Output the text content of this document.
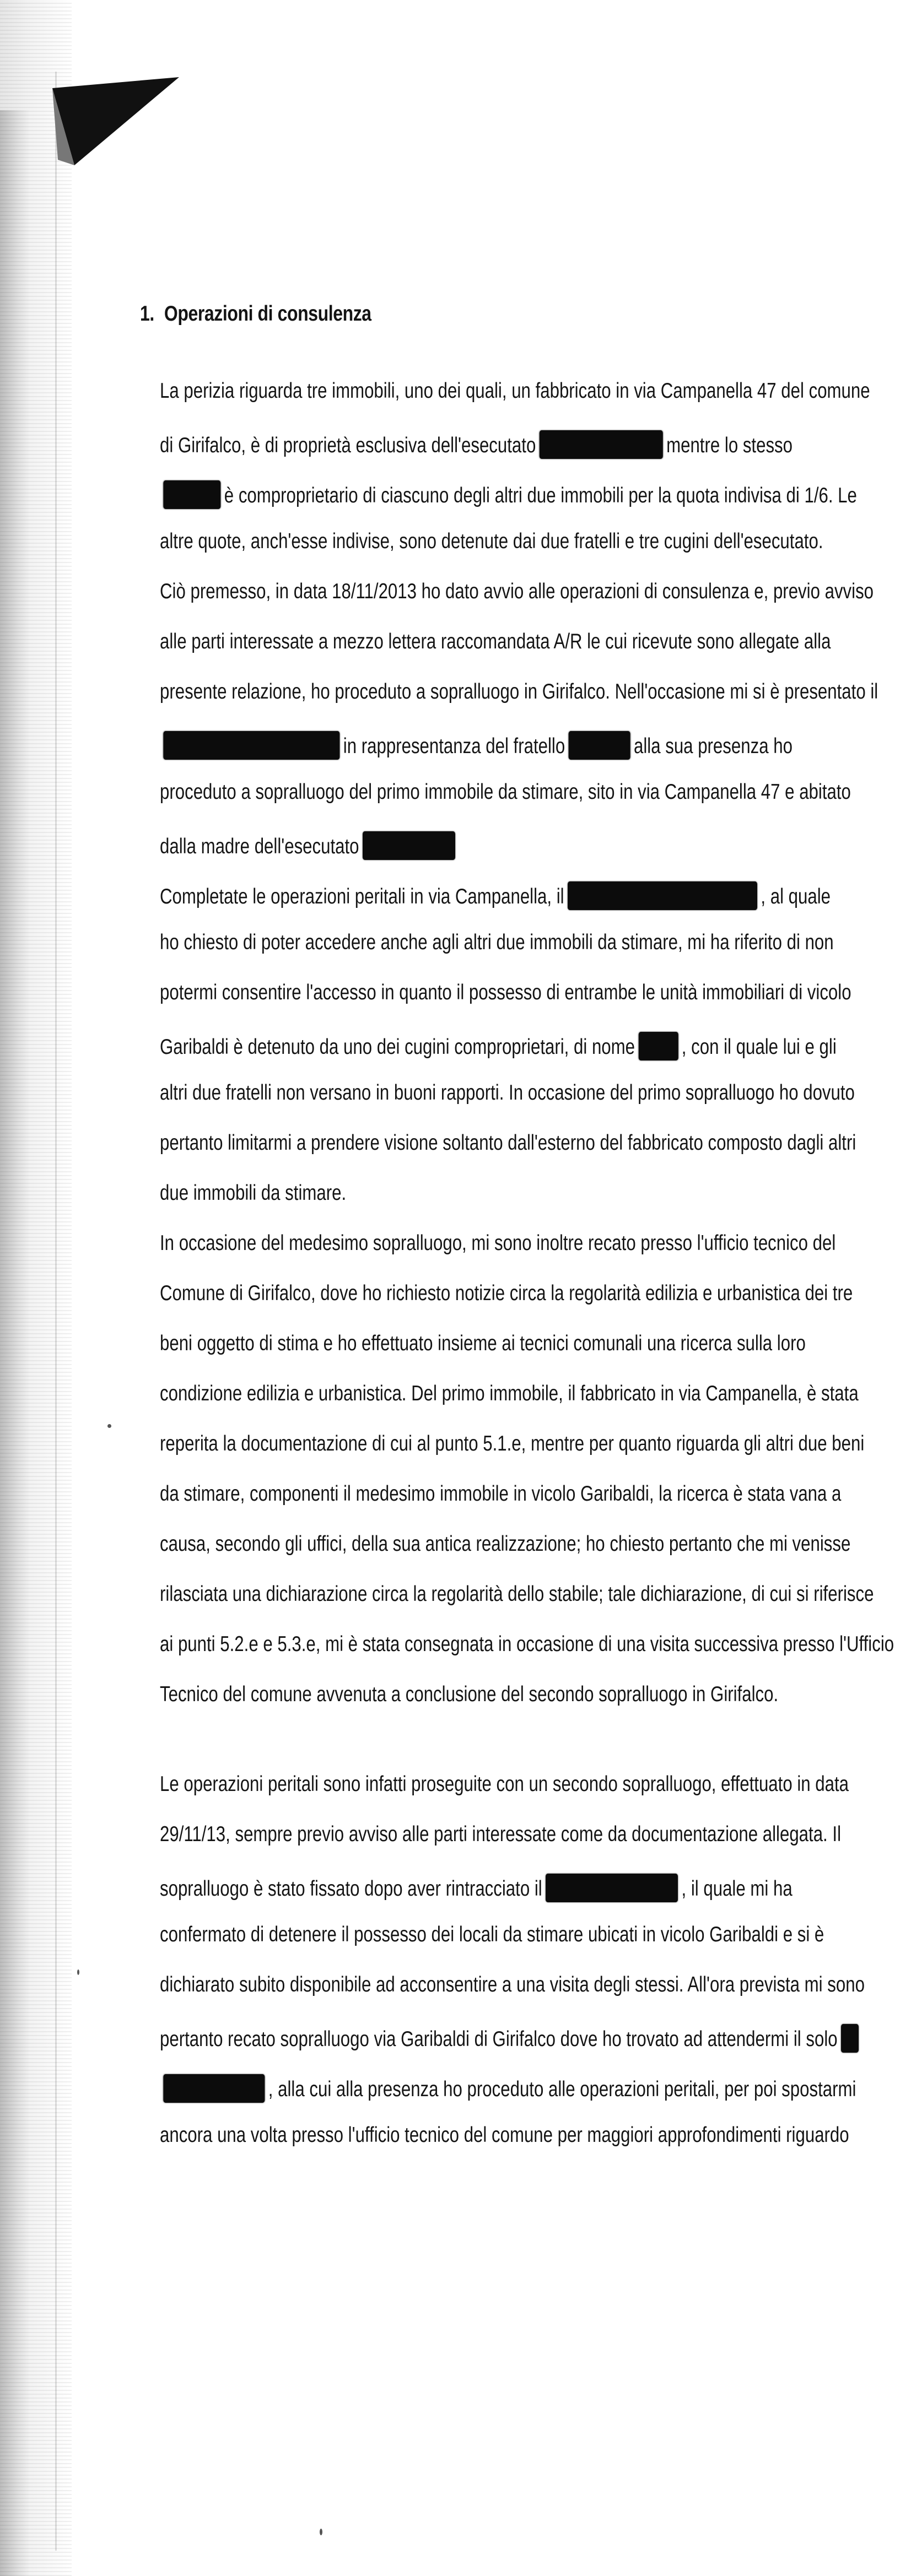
1. Operazioni di consulenza
La perizia riguarda tre immobili, uno dei quali, un fabbricato in via Campanella 47 del comune
di Girifalco, è di proprietà esclusiva dell'esecutato	mentre lo stesso
è comproprietario di ciascuno degli altri due immobili per la quota indivisa di 1/6. Le
altre quote, anch'esse indivise, sono detenute dai due fratelli e tre cugini dell'esecutato.
Ciò premesso, in data 18/11/2013 ho dato avvio alle operazioni di consulenza e, previo avviso
alle parti interessate a mezzo lettera raccomandata A/R le cui ricevute sono allegate alla
presente relazione, ho proceduto a sopralluogo in Girifalco. Nell'occasione mi si è presentato il
in rappresentanza del fratello	alla sua presenza ho
proceduto a sopralluogo del primo immobile da stimare, sito in via Campanella 47 e abitato
dalla madre dell'esecutato
Completate le operazioni peritali in via Campanella, il	, al quale
ho chiesto di poter accedere anche agli altri due immobili da stimare, mi ha riferito di non
potermi consentire l'accesso in quanto il possesso di entrambe le unità immobiliari di vicolo
Garibaldi è detenuto da uno dei cugini comproprietari, di nome , con il quale lui e gli
altri due fratelli non versano in buoni rapporti. In occasione del primo sopralluogo ho dovuto
pertanto limitarmi a prendere visione soltanto dall'esterno del fabbricato composto dagli altri
due immobili da stimare.
In occasione del medesimo sopralluogo, mi sono inoltre recato presso l'ufficio tecnico del
Comune di Girifalco, dove ho richiesto notizie circa la regolarità edilizia e urbanistica dei tre
beni oggetto di stima e ho effettuato insieme ai tecnici comunali una ricerca sulla loro
condizione edilizia e urbanistica. Del primo immobile, il fabbricato in via Campanella, è stata
reperita la documentazione di cui al punto 5.1.e, mentre per quanto riguarda gli altri due beni
da stimare, componenti il medesimo immobile in vicolo Garibaldi, la ricerca è stata vana a
causa, secondo gli uffici, della sua antica realizzazione; ho chiesto pertanto che mi venisse
rilasciata una dichiarazione circa la regolarità dello stabile; tale dichiarazione, di cui si riferisce
ai punti 5.2.e e 5.3.e, mi è stata consegnata in occasione di una visita successiva presso l'Ufficio
Tecnico del comune avvenuta a conclusione del secondo sopralluogo in Girifalco.
Le operazioni peritali sono infatti proseguite con un secondo sopralluogo, effettuato in data
29/11/13, sempre previo avviso alle parti interessate come da documentazione allegata. Il
sopralluogo è stato fissato dopo aver rintracciato il	, il quale mi ha
confermato di detenere il possesso dei locali da stimare ubicati in vicolo Garibaldi e si è
dichiarato subito disponibile ad acconsentire a una visita degli stessi. All'ora prevista mi sono
pertanto recato sopralluogo via Garibaldi di Girifalco dove ho trovato ad attendermi il solo
, alla cui alla presenza ho proceduto alle operazioni peritali, per poi spostarmi
ancora una volta presso l'ufficio tecnico del comune per maggiori approfondimenti riguardo
